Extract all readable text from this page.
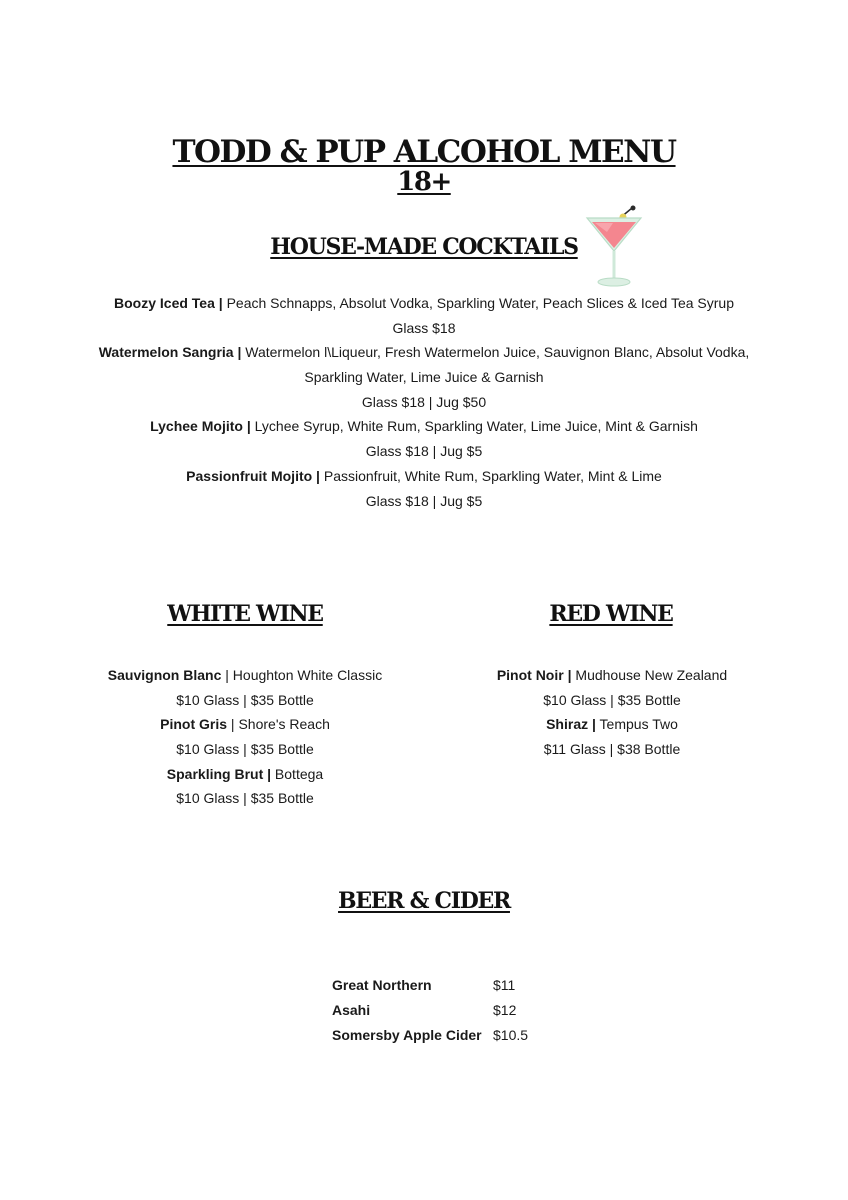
TODD & PUP ALCOHOL MENU
18+
HOUSE-MADE COCKTAILS
Boozy Iced Tea | Peach Schnapps, Absolut Vodka, Sparkling Water, Peach Slices & Iced Tea Syrup
Glass $18
Watermelon Sangria | Watermelon l\Liqueur, Fresh Watermelon Juice, Sauvignon Blanc, Absolut Vodka,
Sparkling Water, Lime Juice & Garnish
Glass $18 | Jug $50
Lychee Mojito | Lychee Syrup, White Rum, Sparkling Water, Lime Juice, Mint & Garnish
Glass $18 | Jug $5
Passionfruit Mojito | Passionfruit, White Rum, Sparkling Water, Mint & Lime
Glass $18 | Jug $5
WHITE WINE	RED WINE
Sauvignon Blanc | Houghton White Classic
$10 Glass | $35 Bottle
Pinot Gris | Shore's Reach
$10 Glass | $35 Bottle
Sparkling Brut | Bottega
$10 Glass | $35 Bottle
Pinot Noir | Mudhouse New Zealand
$10 Glass | $35 Bottle
Shiraz | Tempus Two
$11 Glass | $38 Bottle
BEER & CIDER
Great Northern	$11
Asahi	$12
Somersby Apple Cider	$10.5
